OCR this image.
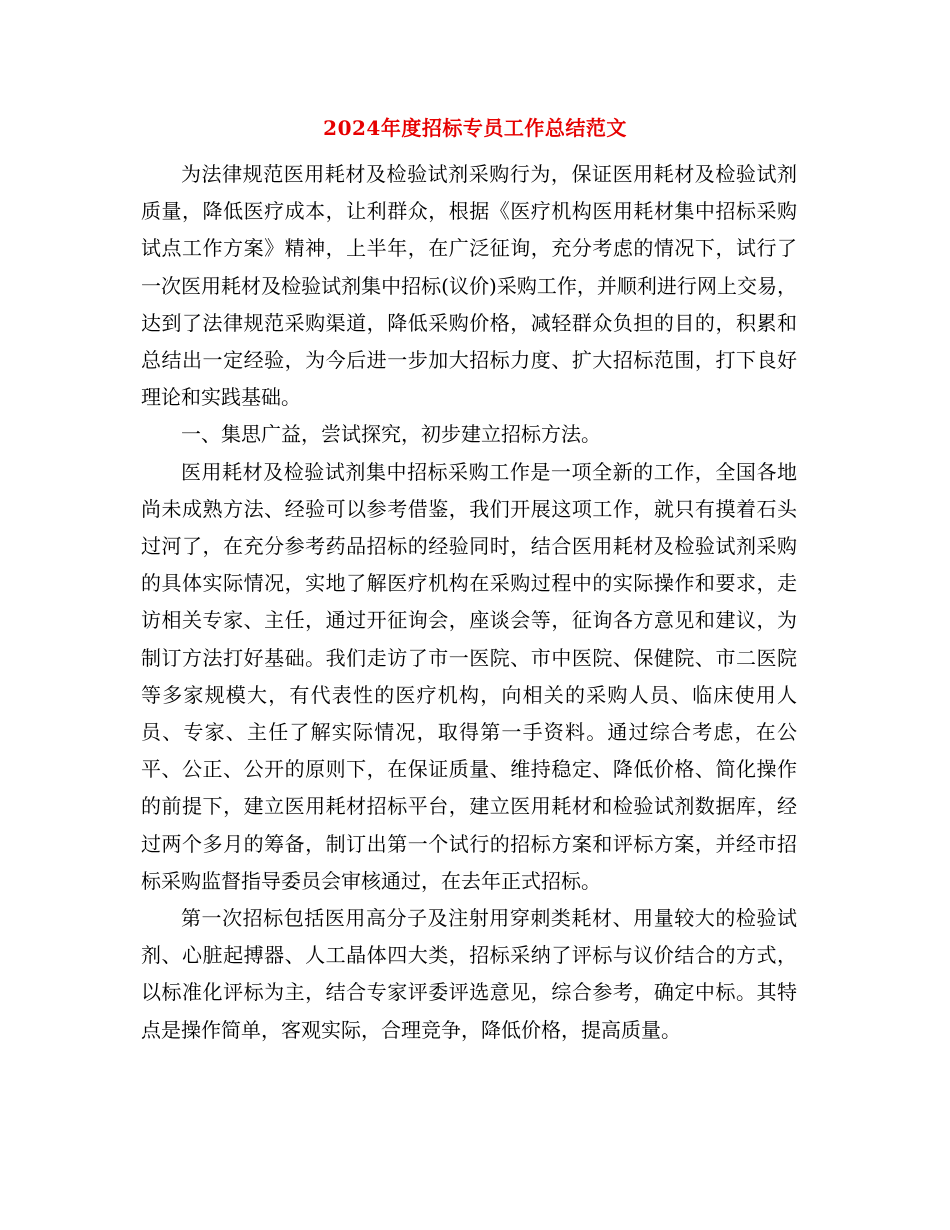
2024年度招标专员工作总结范文

为法律规范医用耗材及检验试剂采购行为，保证医用耗材及检验试剂质量，降低医疗成本，让利群众，根据《医疗机构医用耗材集中招标采购试点工作方案》精神，上半年，在广泛征询，充分考虑的情况下，试行了一次医用耗材及检验试剂集中招标(议价)采购工作，并顺利进行网上交易，达到了法律规范采购渠道，降低采购价格，减轻群众负担的目的，积累和总结出一定经验，为今后进一步加大招标力度、扩大招标范围，打下良好理论和实践基础。

一、集思广益，尝试探究，初步建立招标方法。

医用耗材及检验试剂集中招标采购工作是一项全新的工作，全国各地尚未成熟方法、经验可以参考借鉴，我们开展这项工作，就只有摸着石头过河了，在充分参考药品招标的经验同时，结合医用耗材及检验试剂采购的具体实际情况，实地了解医疗机构在采购过程中的实际操作和要求，走访相关专家、主任，通过开征询会，座谈会等，征询各方意见和建议，为制订方法打好基础。我们走访了市一医院、市中医院、保健院、市二医院等多家规模大，有代表性的医疗机构，向相关的采购人员、临床使用人员、专家、主任了解实际情况，取得第一手资料。通过综合考虑，在公平、公正、公开的原则下，在保证质量、维持稳定、降低价格、简化操作的前提下，建立医用耗材招标平台，建立医用耗材和检验试剂数据库，经过两个多月的筹备，制订出第一个试行的招标方案和评标方案，并经市招标采购监督指导委员会审核通过，在去年正式招标。

第一次招标包括医用高分子及注射用穿刺类耗材、用量较大的检验试剂、心脏起搏器、人工晶体四大类，招标采纳了评标与议价结合的方式，以标准化评标为主，结合专家评委评选意见，综合参考，确定中标。其特点是操作简单，客观实际，合理竞争，降低价格，提高质量。
